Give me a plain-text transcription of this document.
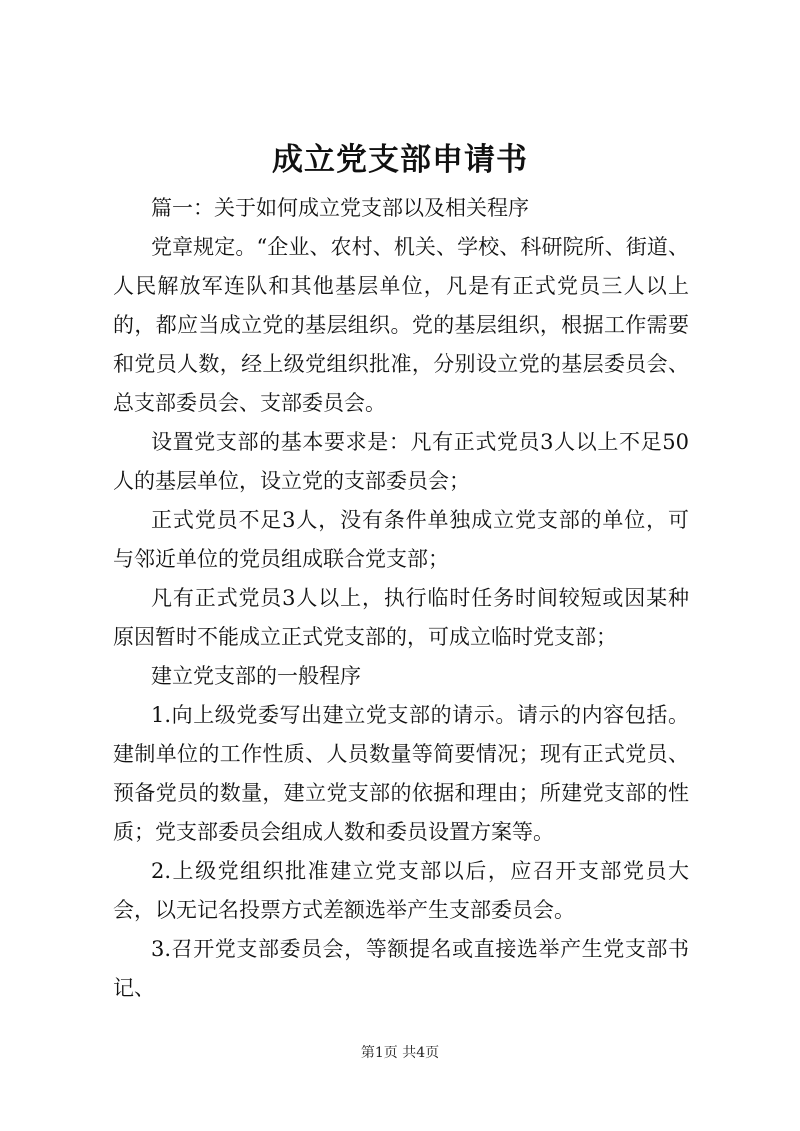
成立党支部申请书

篇一：关于如何成立党支部以及相关程序

党章规定。“企业、农村、机关、学校、科研院所、街道、人民解放军连队和其他基层单位，凡是有正式党员三人以上的，都应当成立党的基层组织。党的基层组织，根据工作需要和党员人数，经上级党组织批准，分别设立党的基层委员会、总支部委员会、支部委员会。

设置党支部的基本要求是：凡有正式党员3人以上不足50人的基层单位，设立党的支部委员会；

正式党员不足3人，没有条件单独成立党支部的单位，可与邻近单位的党员组成联合党支部；

凡有正式党员3人以上，执行临时任务时间较短或因某种原因暂时不能成立正式党支部的，可成立临时党支部；

建立党支部的一般程序

1.向上级党委写出建立党支部的请示。请示的内容包括。建制单位的工作性质、人员数量等简要情况；现有正式党员、预备党员的数量，建立党支部的依据和理由；所建党支部的性质；党支部委员会组成人数和委员设置方案等。

2.上级党组织批准建立党支部以后，应召开支部党员大会，以无记名投票方式差额选举产生支部委员会。

3.召开党支部委员会，等额提名或直接选举产生党支部书记、

第1页 共4页
